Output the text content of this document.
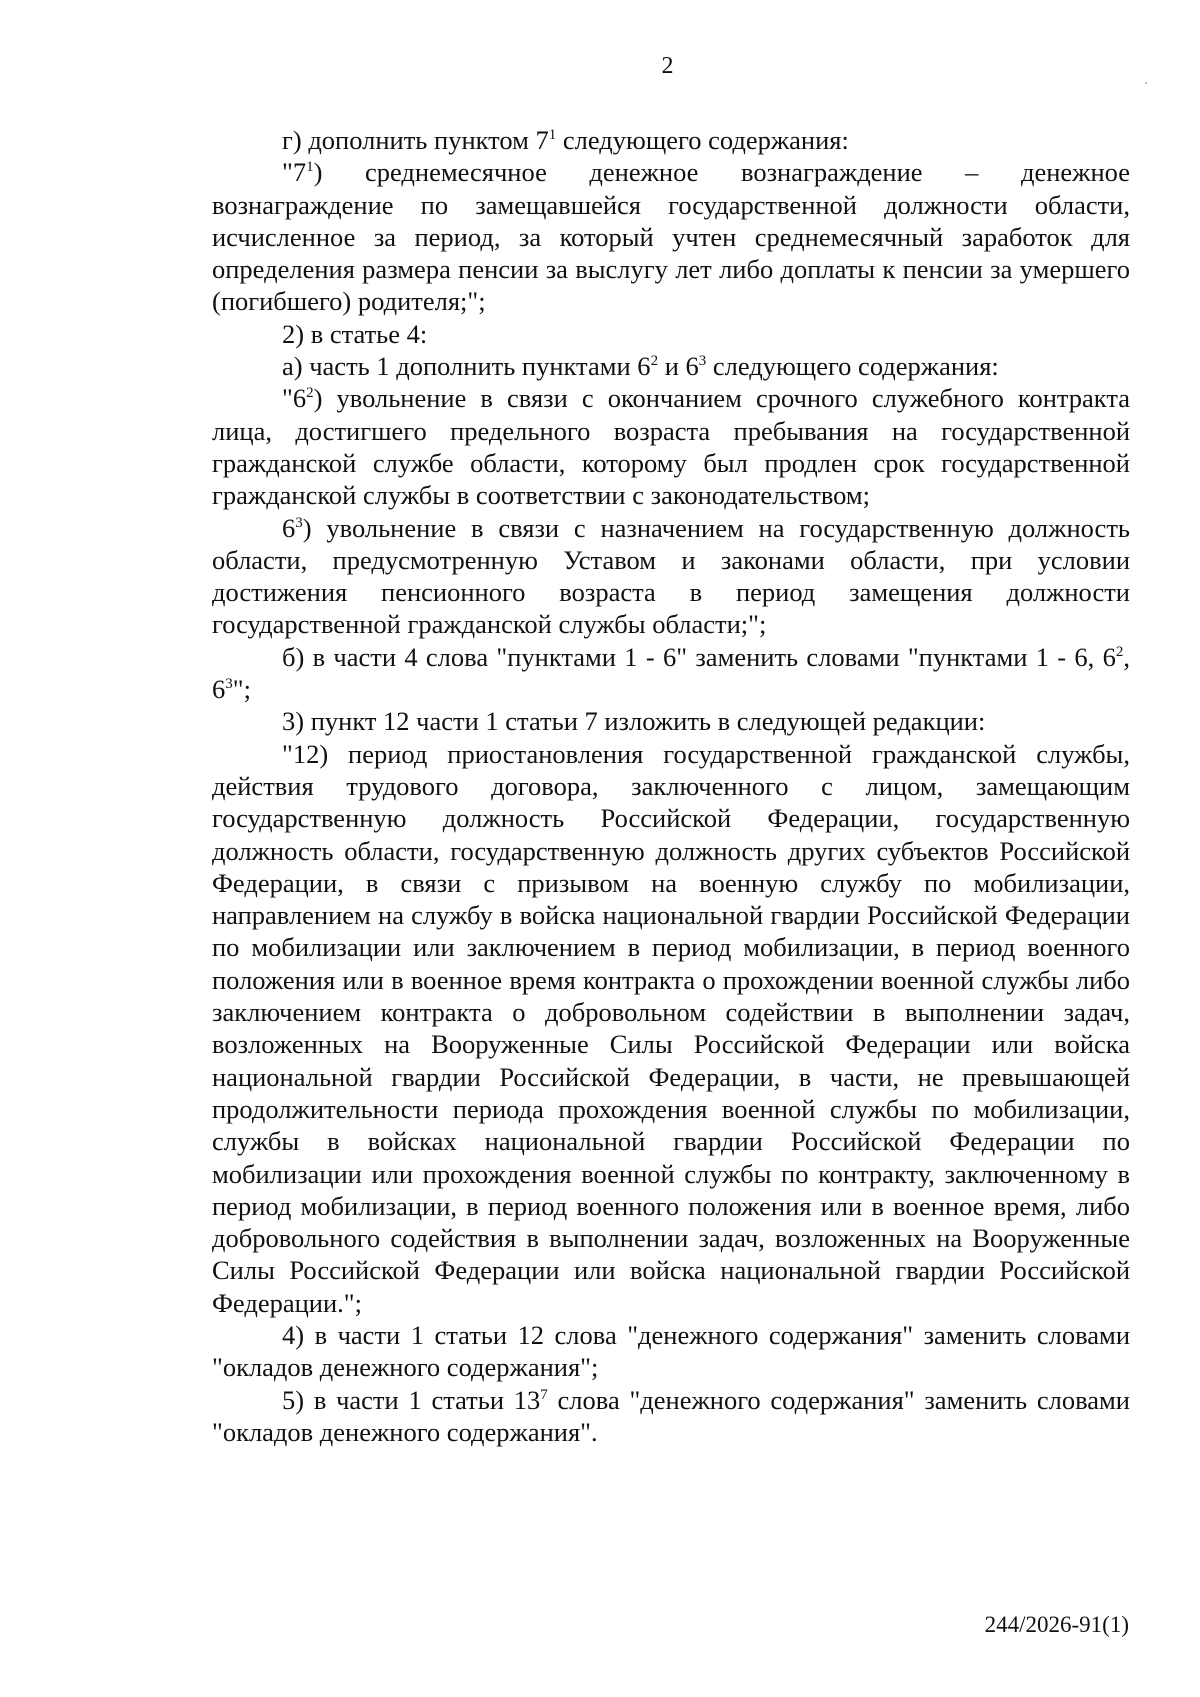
2

г) дополнить пунктом $7^1$ следующего содержания:

"$7^1$) среднемесячное денежное вознаграждение – денежное вознаграждение по замещавшейся государственной должности области, исчисленное за период, за который учтен среднемесячный заработок для определения размера пенсии за выслугу лет либо доплаты к пенсии за умершего (погибшего) родителя;";

2) в статье 4:

а) часть 1 дополнить пунктами $6^2$ и $6^3$ следующего содержания:

"$6^2$) увольнение в связи с окончанием срочного служебного контракта лица, достигшего предельного возраста пребывания на государственной гражданской службе области, которому был продлен срок государственной гражданской службы в соответствии с законодательством;

$6^3$) увольнение в связи с назначением на государственную должность области, предусмотренную Уставом и законами области, при условии достижения пенсионного возраста в период замещения должности государственной гражданской службы области;";

б) в части 4 слова "пунктами 1 - 6" заменить словами "пунктами 1 - 6, $6^2$, $6^3$";

3) пункт 12 части 1 статьи 7 изложить в следующей редакции:

"12) период приостановления государственной гражданской службы, действия трудового договора, заключенного с лицом, замещающим государственную должность Российской Федерации, государственную должность области, государственную должность других субъектов Российской Федерации, в связи с призывом на военную службу по мобилизации, направлением на службу в войска национальной гвардии Российской Федерации по мобилизации или заключением в период мобилизации, в период военного положения или в военное время контракта о прохождении военной службы либо заключением контракта о добровольном содействии в выполнении задач, возложенных на Вооруженные Силы Российской Федерации или войска национальной гвардии Российской Федерации, в части, не превышающей продолжительности периода прохождения военной службы по мобилизации, службы в войсках национальной гвардии Российской Федерации по мобилизации или прохождения военной службы по контракту, заключенному в период мобилизации, в период военного положения или в военное время, либо добровольного содействия в выполнении задач, возложенных на Вооруженные Силы Российской Федерации или войска национальной гвардии Российской Федерации.";

4) в части 1 статьи 12 слова "денежного содержания" заменить словами "окладов денежного содержания";

5) в части 1 статьи $13^7$ слова "денежного содержания" заменить словами "окладов денежного содержания".

244/2026-91(1)
